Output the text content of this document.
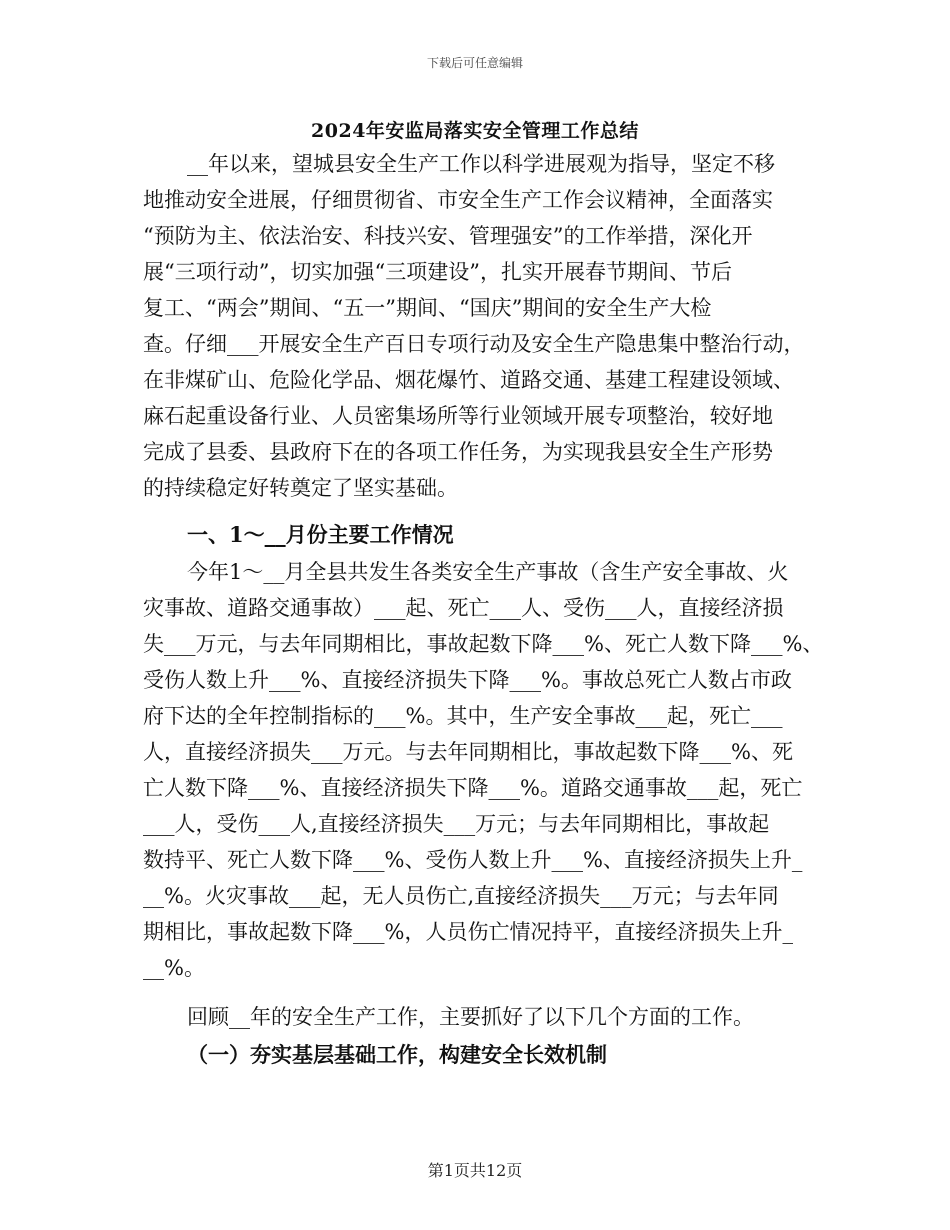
下载后可任意编辑
2024年安监局落实安全管理工作总结
__年以来，望城县安全生产工作以科学进展观为指导，坚定不移
地推动安全进展，仔细贯彻省、市安全生产工作会议精神，全面落实
“预防为主、依法治安、科技兴安、管理强安”的工作举措，深化开
展“三项行动”，切实加强“三项建设”，扎实开展春节期间、节后
复工、“两会”期间、“五一”期间、“国庆”期间的安全生产大检
查。仔细___开展安全生产百日专项行动及安全生产隐患集中整治行动，
在非煤矿山、危险化学品、烟花爆竹、道路交通、基建工程建设领域、
麻石起重设备行业、人员密集场所等行业领域开展专项整治，较好地
完成了县委、县政府下在的各项工作任务，为实现我县安全生产形势
的持续稳定好转奠定了坚实基础。
一、1～__月份主要工作情况
今年1～__月全县共发生各类安全生产事故（含生产安全事故、火
灾事故、道路交通事故）___起、死亡___人、受伤___人，直接经济损
失___万元，与去年同期相比，事故起数下降___%、死亡人数下降___%、
受伤人数上升___%、直接经济损失下降___%。事故总死亡人数占市政
府下达的全年控制指标的___%。其中，生产安全事故___起，死亡___
人，直接经济损失___万元。与去年同期相比，事故起数下降___%、死
亡人数下降___%、直接经济损失下降___%。道路交通事故___起，死亡
___人，受伤___人,直接经济损失___万元；与去年同期相比，事故起
数持平、死亡人数下降___%、受伤人数上升___%、直接经济损失上升_
__%。火灾事故___起，无人员伤亡,直接经济损失___万元；与去年同
期相比，事故起数下降___%，人员伤亡情况持平，直接经济损失上升_
__%。
回顾__年的安全生产工作，主要抓好了以下几个方面的工作。
（一）夯实基层基础工作，构建安全长效机制
第1页共12页
